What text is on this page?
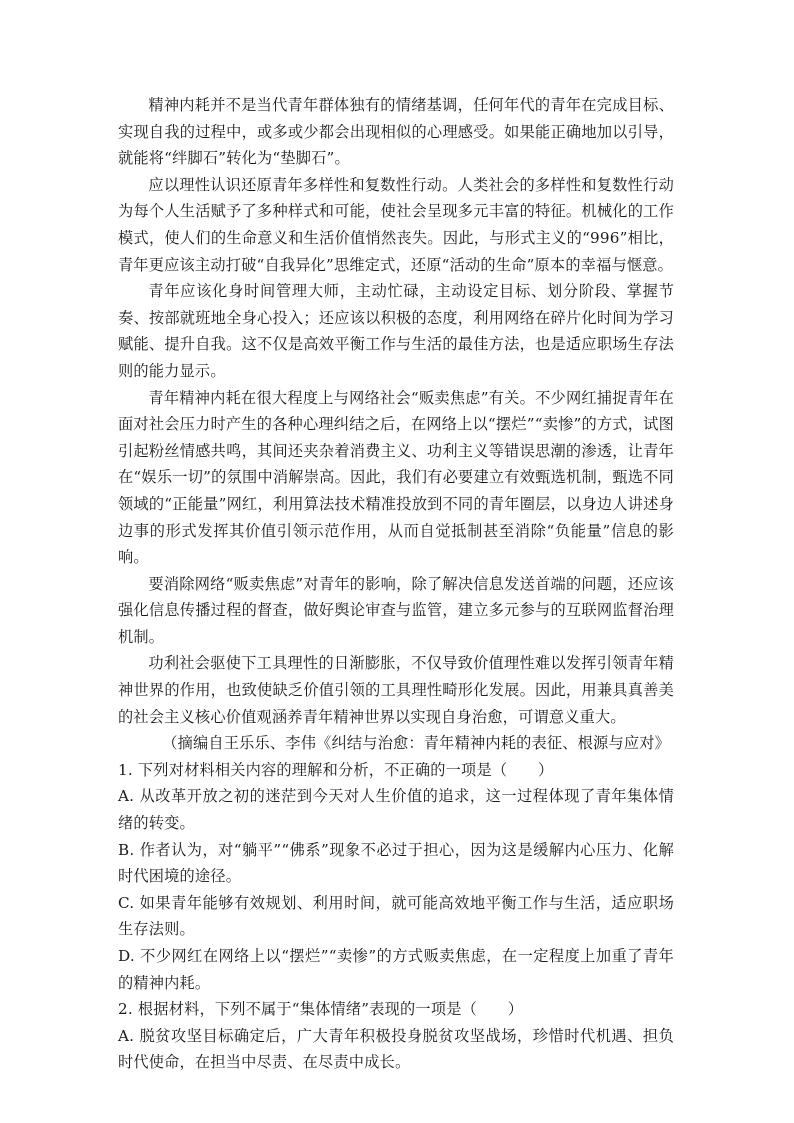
精神内耗并不是当代青年群体独有的情绪基调，任何年代的青年在完成目标、实现自我的过程中，或多或少都会出现相似的心理感受。如果能正确地加以引导，就能将“绊脚石”转化为“垫脚石”。

应以理性认识还原青年多样性和复数性行动。人类社会的多样性和复数性行动为每个人生活赋予了多种样式和可能，使社会呈现多元丰富的特征。机械化的工作模式，使人们的生命意义和生活价值悄然丧失。因此，与形式主义的“996”相比，青年更应该主动打破“自我异化”思维定式，还原“活动的生命”原本的幸福与惬意。

青年应该化身时间管理大师，主动忙碌，主动设定目标、划分阶段、掌握节奏、按部就班地全身心投入；还应该以积极的态度，利用网络在碎片化时间为学习赋能、提升自我。这不仅是高效平衡工作与生活的最佳方法，也是适应职场生存法则的能力显示。

青年精神内耗在很大程度上与网络社会“贩卖焦虑”有关。不少网红捕捉青年在面对社会压力时产生的各种心理纠结之后，在网络上以“摆烂”“卖惨”的方式，试图引起粉丝情感共鸣，其间还夹杂着消费主义、功利主义等错误思潮的渗透，让青年在“娱乐一切”的氛围中消解崇高。因此，我们有必要建立有效甄选机制，甄选不同领域的“正能量”网红，利用算法技术精准投放到不同的青年圈层，以身边人讲述身边事的形式发挥其价值引领示范作用，从而自觉抵制甚至消除“负能量”信息的影响。

要消除网络“贩卖焦虑”对青年的影响，除了解决信息发送首端的问题，还应该强化信息传播过程的督查，做好舆论审查与监管，建立多元参与的互联网监督治理机制。

功利社会驱使下工具理性的日渐膨胀，不仅导致价值理性难以发挥引领青年精神世界的作用，也致使缺乏价值引领的工具理性畸形化发展。因此，用兼具真善美的社会主义核心价值观涵养青年精神世界以实现自身治愈，可谓意义重大。

（摘编自王乐乐、李伟《纠结与治愈：青年精神内耗的表征、根源与应对》

1. 下列对材料相关内容的理解和分析，不正确的一项是（　　）

A. 从改革开放之初的迷茫到今天对人生价值的追求，这一过程体现了青年集体情绪的转变。

B. 作者认为，对“躺平”“佛系”现象不必过于担心，因为这是缓解内心压力、化解时代困境的途径。

C. 如果青年能够有效规划、利用时间，就可能高效地平衡工作与生活，适应职场生存法则。

D. 不少网红在网络上以“摆烂”“卖惨”的方式贩卖焦虑，在一定程度上加重了青年的精神内耗。

2. 根据材料，下列不属于“集体情绪”表现的一项是（　　）

A. 脱贫攻坚目标确定后，广大青年积极投身脱贫攻坚战场，珍惜时代机遇、担负时代使命，在担当中尽责、在尽责中成长。
